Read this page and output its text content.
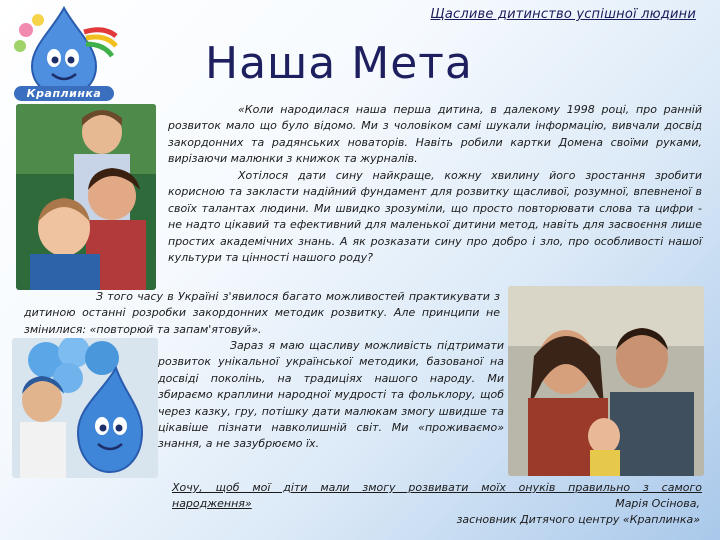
Щасливе дитинство успішної людини
Краплинка
Наша Мета

«Коли народилася наша перша дитина, в далекому 1998 році, про ранній розвиток мало що було відомо. Ми з чоловіком самі шукали інформацію, вивчали досвід закордонних та радянських новаторів. Навіть робили картки Домена своїми руками, вирізаючи малюнки з книжок та журналів.

Хотілося дати сину найкраще, кожну хвилину його зростання зробити корисною та закласти надійний фундамент для розвитку щасливої, розумної, впевненої в своїх талантах людини. Ми швидко зрозуміли, що просто повторювати слова та цифри - не надто цікавий та ефективний для маленької дитини метод, навіть для засвоєння лише простих академічних знань. А як розказати сину про добро і зло, про особливості нашої культури та цінності нашого роду?

З того часу в Україні з'явилося багато можливостей практикувати з дитиною останні розробки закордонних методик розвитку. Але принципи не змінилися: «повторюй та запам'ятовуй».

Зараз я маю щасливу можливість підтримати розвиток унікальної української методики, базованої на досвіді поколінь, на традиціях нашого народу. Ми збираємо краплини народної мудрості та фольклору, щоб через казку, гру, потішку дати малюкам змогу швидше та цікавіше пізнати навколишній світ. Ми «проживаємо» знання, а не зазубрюємо їх.

Хочу, щоб мої діти мали змогу розвивати моїх онуків правильно з самого народження»	Марія Осінова,
засновник Дитячого центру «Краплинка»
